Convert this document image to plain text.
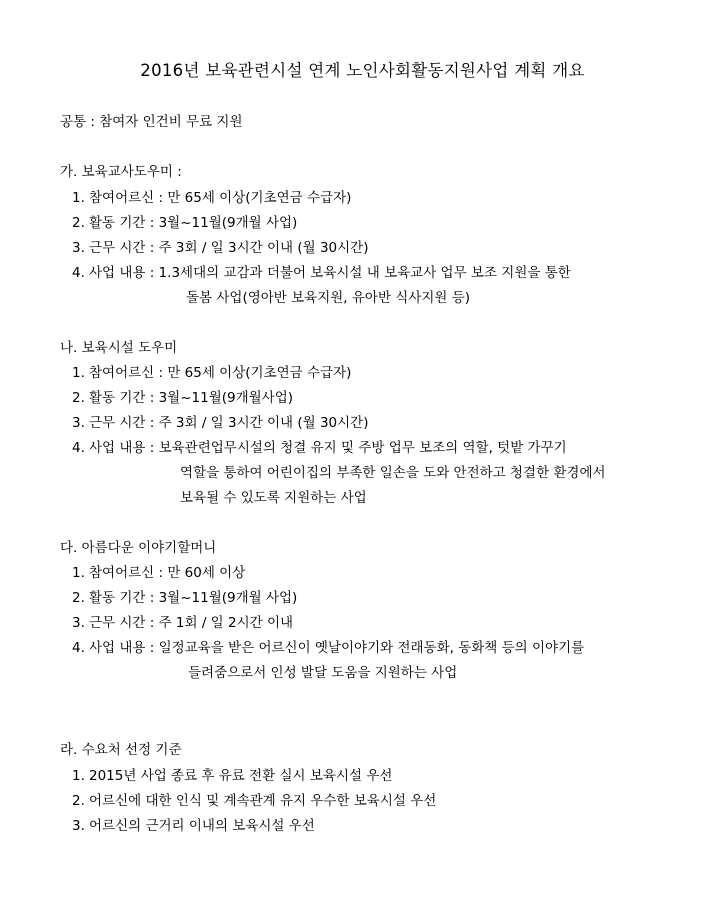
2016년 보육관련시설 연계 노인사회활동지원사업 계획 개요
공통 : 참여자 인건비 무료 지원
가. 보육교사도우미 :
1. 참여어르신 : 만 65세 이상(기초연금 수급자)
2. 활동 기간 : 3월~11월(9개월 사업)
3. 근무 시간 : 주 3회 / 일 3시간 이내 (월 30시간)
4. 사업 내용 : 1.3세대의 교감과 더불어 보육시설 내 보육교사 업무 보조 지원을 통한
돌봄 사업(영아반 보육지원, 유아반 식사지원 등)
나. 보육시설 도우미
1. 참여어르신 : 만 65세 이상(기초연금 수급자)
2. 활동 기간 : 3월~11월(9개월사업)
3. 근무 시간 : 주 3회 / 일 3시간 이내 (월 30시간)
4. 사업 내용 : 보육관련업무시설의 청결 유지 및 주방 업무 보조의 역할, 텃밭 가꾸기
역할을 통하여 어린이집의 부족한 일손을 도와 안전하고 청결한 환경에서
보육될 수 있도록 지원하는 사업
다. 아름다운 이야기할머니
1. 참여어르신 : 만 60세 이상
2. 활동 기간 : 3월~11월(9개월 사업)
3. 근무 시간 : 주 1회 / 일 2시간 이내
4. 사업 내용 : 일정교육을 받은 어르신이 옛날이야기와 전래동화, 동화책 등의 이야기를
들려줌으로서 인성 발달 도움을 지원하는 사업
라. 수요처 선정 기준
1. 2015년 사업 종료 후 유료 전환 실시 보육시설 우선
2. 어르신에 대한 인식 및 계속관계 유지 우수한 보육시설 우선
3. 어르신의 근거리 이내의 보육시설 우선
